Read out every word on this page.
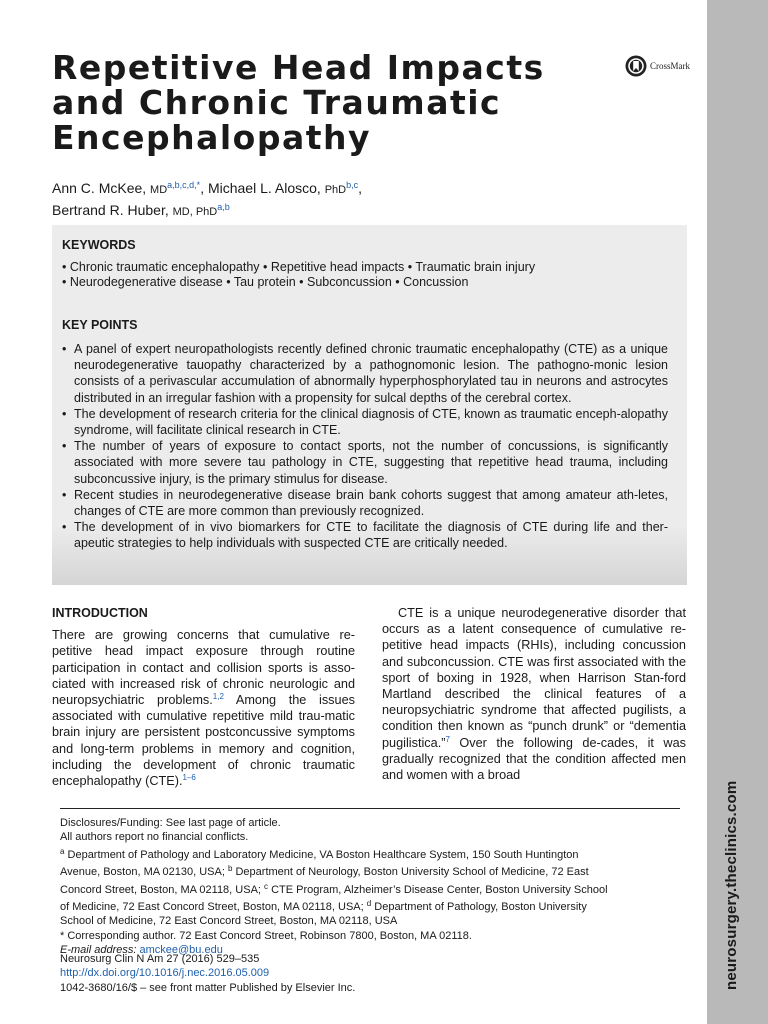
neurosurgery.theclinics.com
Repetitive Head Impacts
and Chronic Traumatic
Encephalopathy
CrossMark
Ann C. McKee, MD$^{a,b,c,d,*}$, Michael L. Alosco, PhD$^{b,c}$,
Bertrand R. Huber, MD, PhD$^{a,b}$
KEYWORDS
• Chronic traumatic encephalopathy • Repetitive head impacts • Traumatic brain injury
• Neurodegenerative disease • Tau protein • Subconcussion • Concussion
KEY POINTS
• A panel of expert neuropathologists recently defined chronic traumatic encephalopathy (CTE) as a unique neurodegenerative tauopathy characterized by a pathognomonic lesion. The pathogno-monic lesion consists of a perivascular accumulation of abnormally hyperphosphorylated tau in neurons and astrocytes distributed in an irregular fashion with a propensity for sulcal depths of the cerebral cortex.
• The development of research criteria for the clinical diagnosis of CTE, known as traumatic enceph-alopathy syndrome, will facilitate clinical research in CTE.
• The number of years of exposure to contact sports, not the number of concussions, is significantly associated with more severe tau pathology in CTE, suggesting that repetitive head trauma, including subconcussive injury, is the primary stimulus for disease.
• Recent studies in neurodegenerative disease brain bank cohorts suggest that among amateur ath-letes, changes of CTE are more common than previously recognized.
• The development of in vivo biomarkers for CTE to facilitate the diagnosis of CTE during life and ther-apeutic strategies to help individuals with suspected CTE are critically needed.
INTRODUCTION

There are growing concerns that cumulative re-petitive head impact exposure through routine participation in contact and collision sports is asso-ciated with increased risk of chronic neurologic and neuropsychiatric problems.$^{1,2}$ Among the issues associated with cumulative repetitive mild trau-matic brain injury are persistent postconcussive symptoms and long-term problems in memory and cognition, including the development of chronic traumatic encephalopathy (CTE).$^{1-6}$

CTE is a unique neurodegenerative disorder that occurs as a latent consequence of cumulative re-petitive head impacts (RHIs), including concussion and subconcussion. CTE was first associated with the sport of boxing in 1928, when Harrison Stan-ford Martland described the clinical features of a neuropsychiatric syndrome that affected pugilists, a condition then known as “punch drunk” or “dementia pugilistica.”$^7$ Over the following de-cades, it was gradually recognized that the condition affected men and women with a broad

Disclosures/Funding: See last page of article.
All authors report no financial conflicts.
$^a$ Department of Pathology and Laboratory Medicine, VA Boston Healthcare System, 150 South Huntington
Avenue, Boston, MA 02130, USA; $^b$ Department of Neurology, Boston University School of Medicine, 72 East
Concord Street, Boston, MA 02118, USA; $^c$ CTE Program, Alzheimer’s Disease Center, Boston University School
of Medicine, 72 East Concord Street, Boston, MA 02118, USA; $^d$ Department of Pathology, Boston University
School of Medicine, 72 East Concord Street, Boston, MA 02118, USA
* Corresponding author. 72 East Concord Street, Robinson 7800, Boston, MA 02118.
E-mail address: amckee@bu.edu
Neurosurg Clin N Am 27 (2016) 529–535
http://dx.doi.org/10.1016/j.nec.2016.05.009
1042-3680/16/$ – see front matter Published by Elsevier Inc.
